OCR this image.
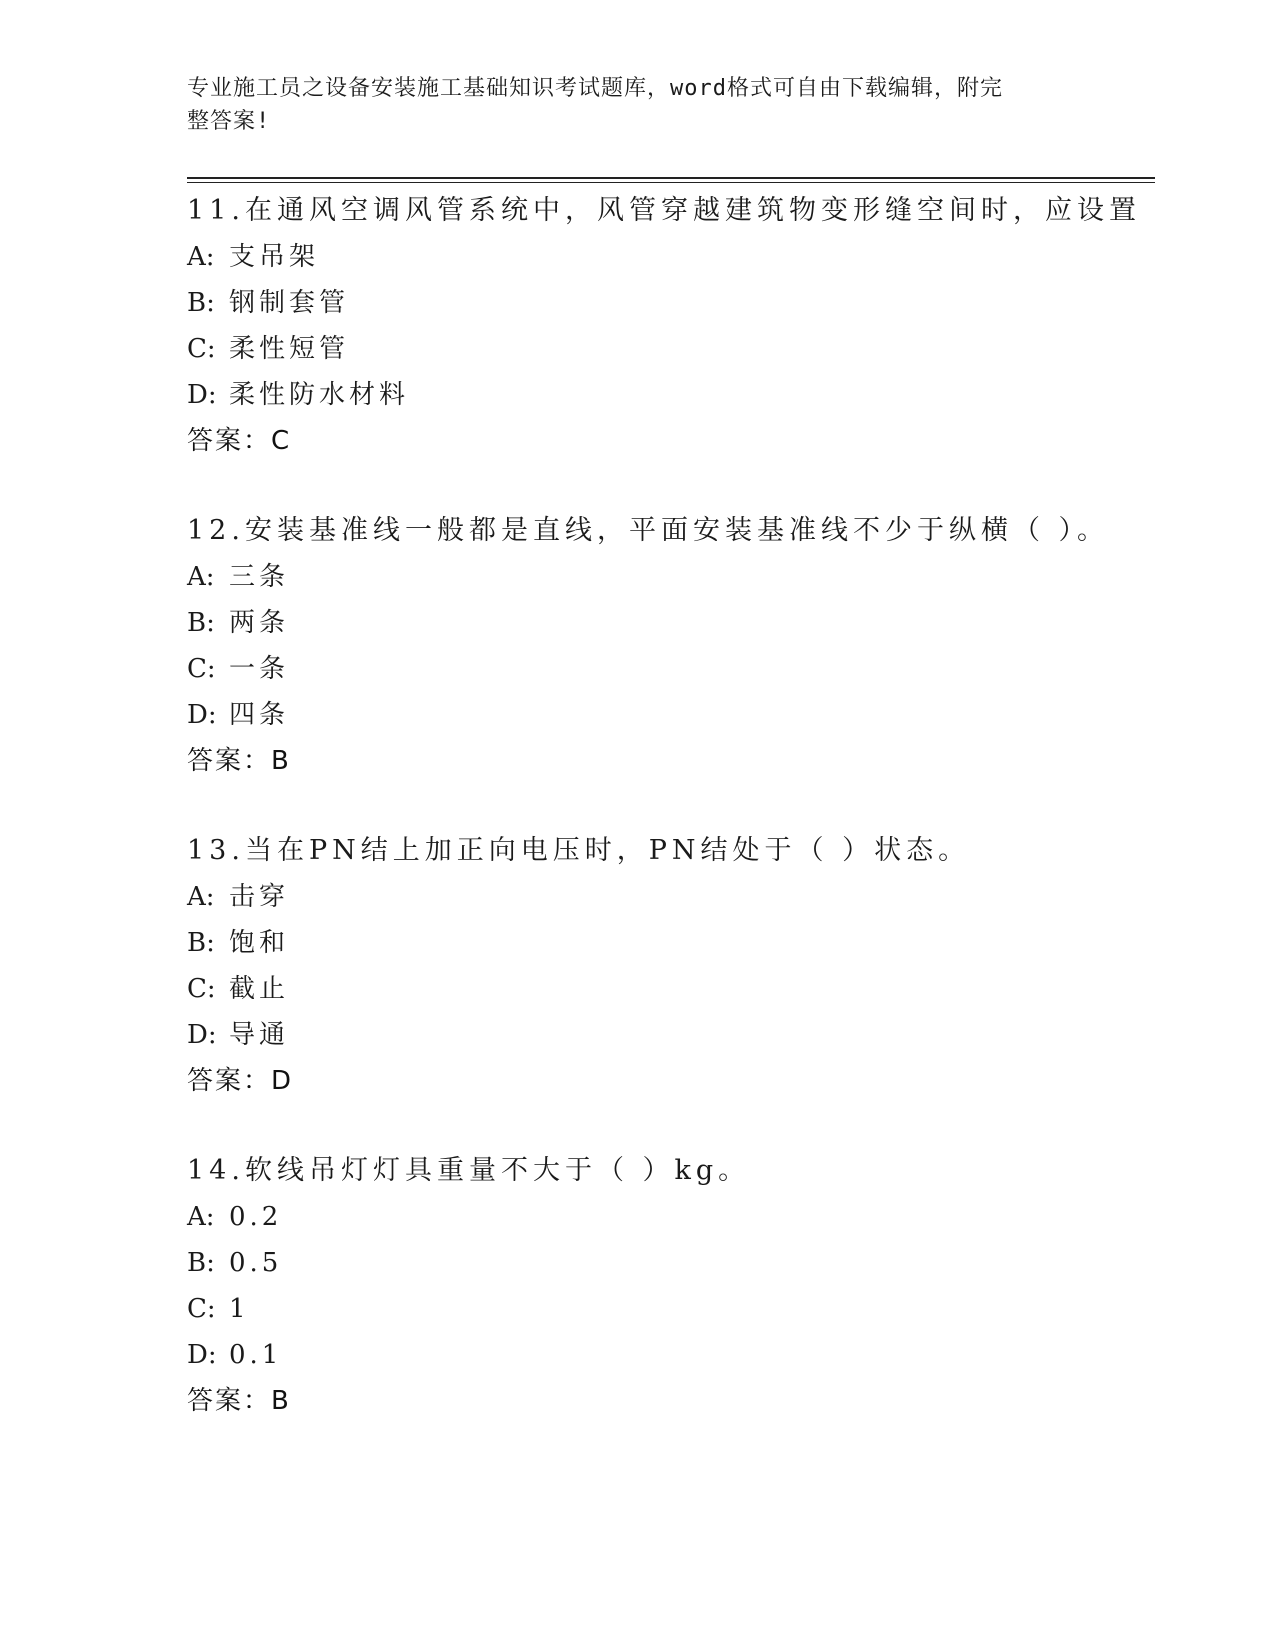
专业施工员之设备安装施工基础知识考试题库，word格式可自由下载编辑，附完
整答案!
11.在通风空调风管系统中，风管穿越建筑物变形缝空间时，应设置
A: 支吊架
B: 钢制套管
C: 柔性短管
D: 柔性防水材料
答案：C
12.安装基准线一般都是直线，平面安装基准线不少于纵横（ ）。
A: 三条
B: 两条
C: 一条
D: 四条
答案：B
13.当在PN结上加正向电压时，PN结处于（ ）状态。
A: 击穿
B: 饱和
C: 截止
D: 导通
答案：D
14.软线吊灯灯具重量不大于（ ）kg。
A: 0.2
B: 0.5
C: 1
D: 0.1
答案：B
